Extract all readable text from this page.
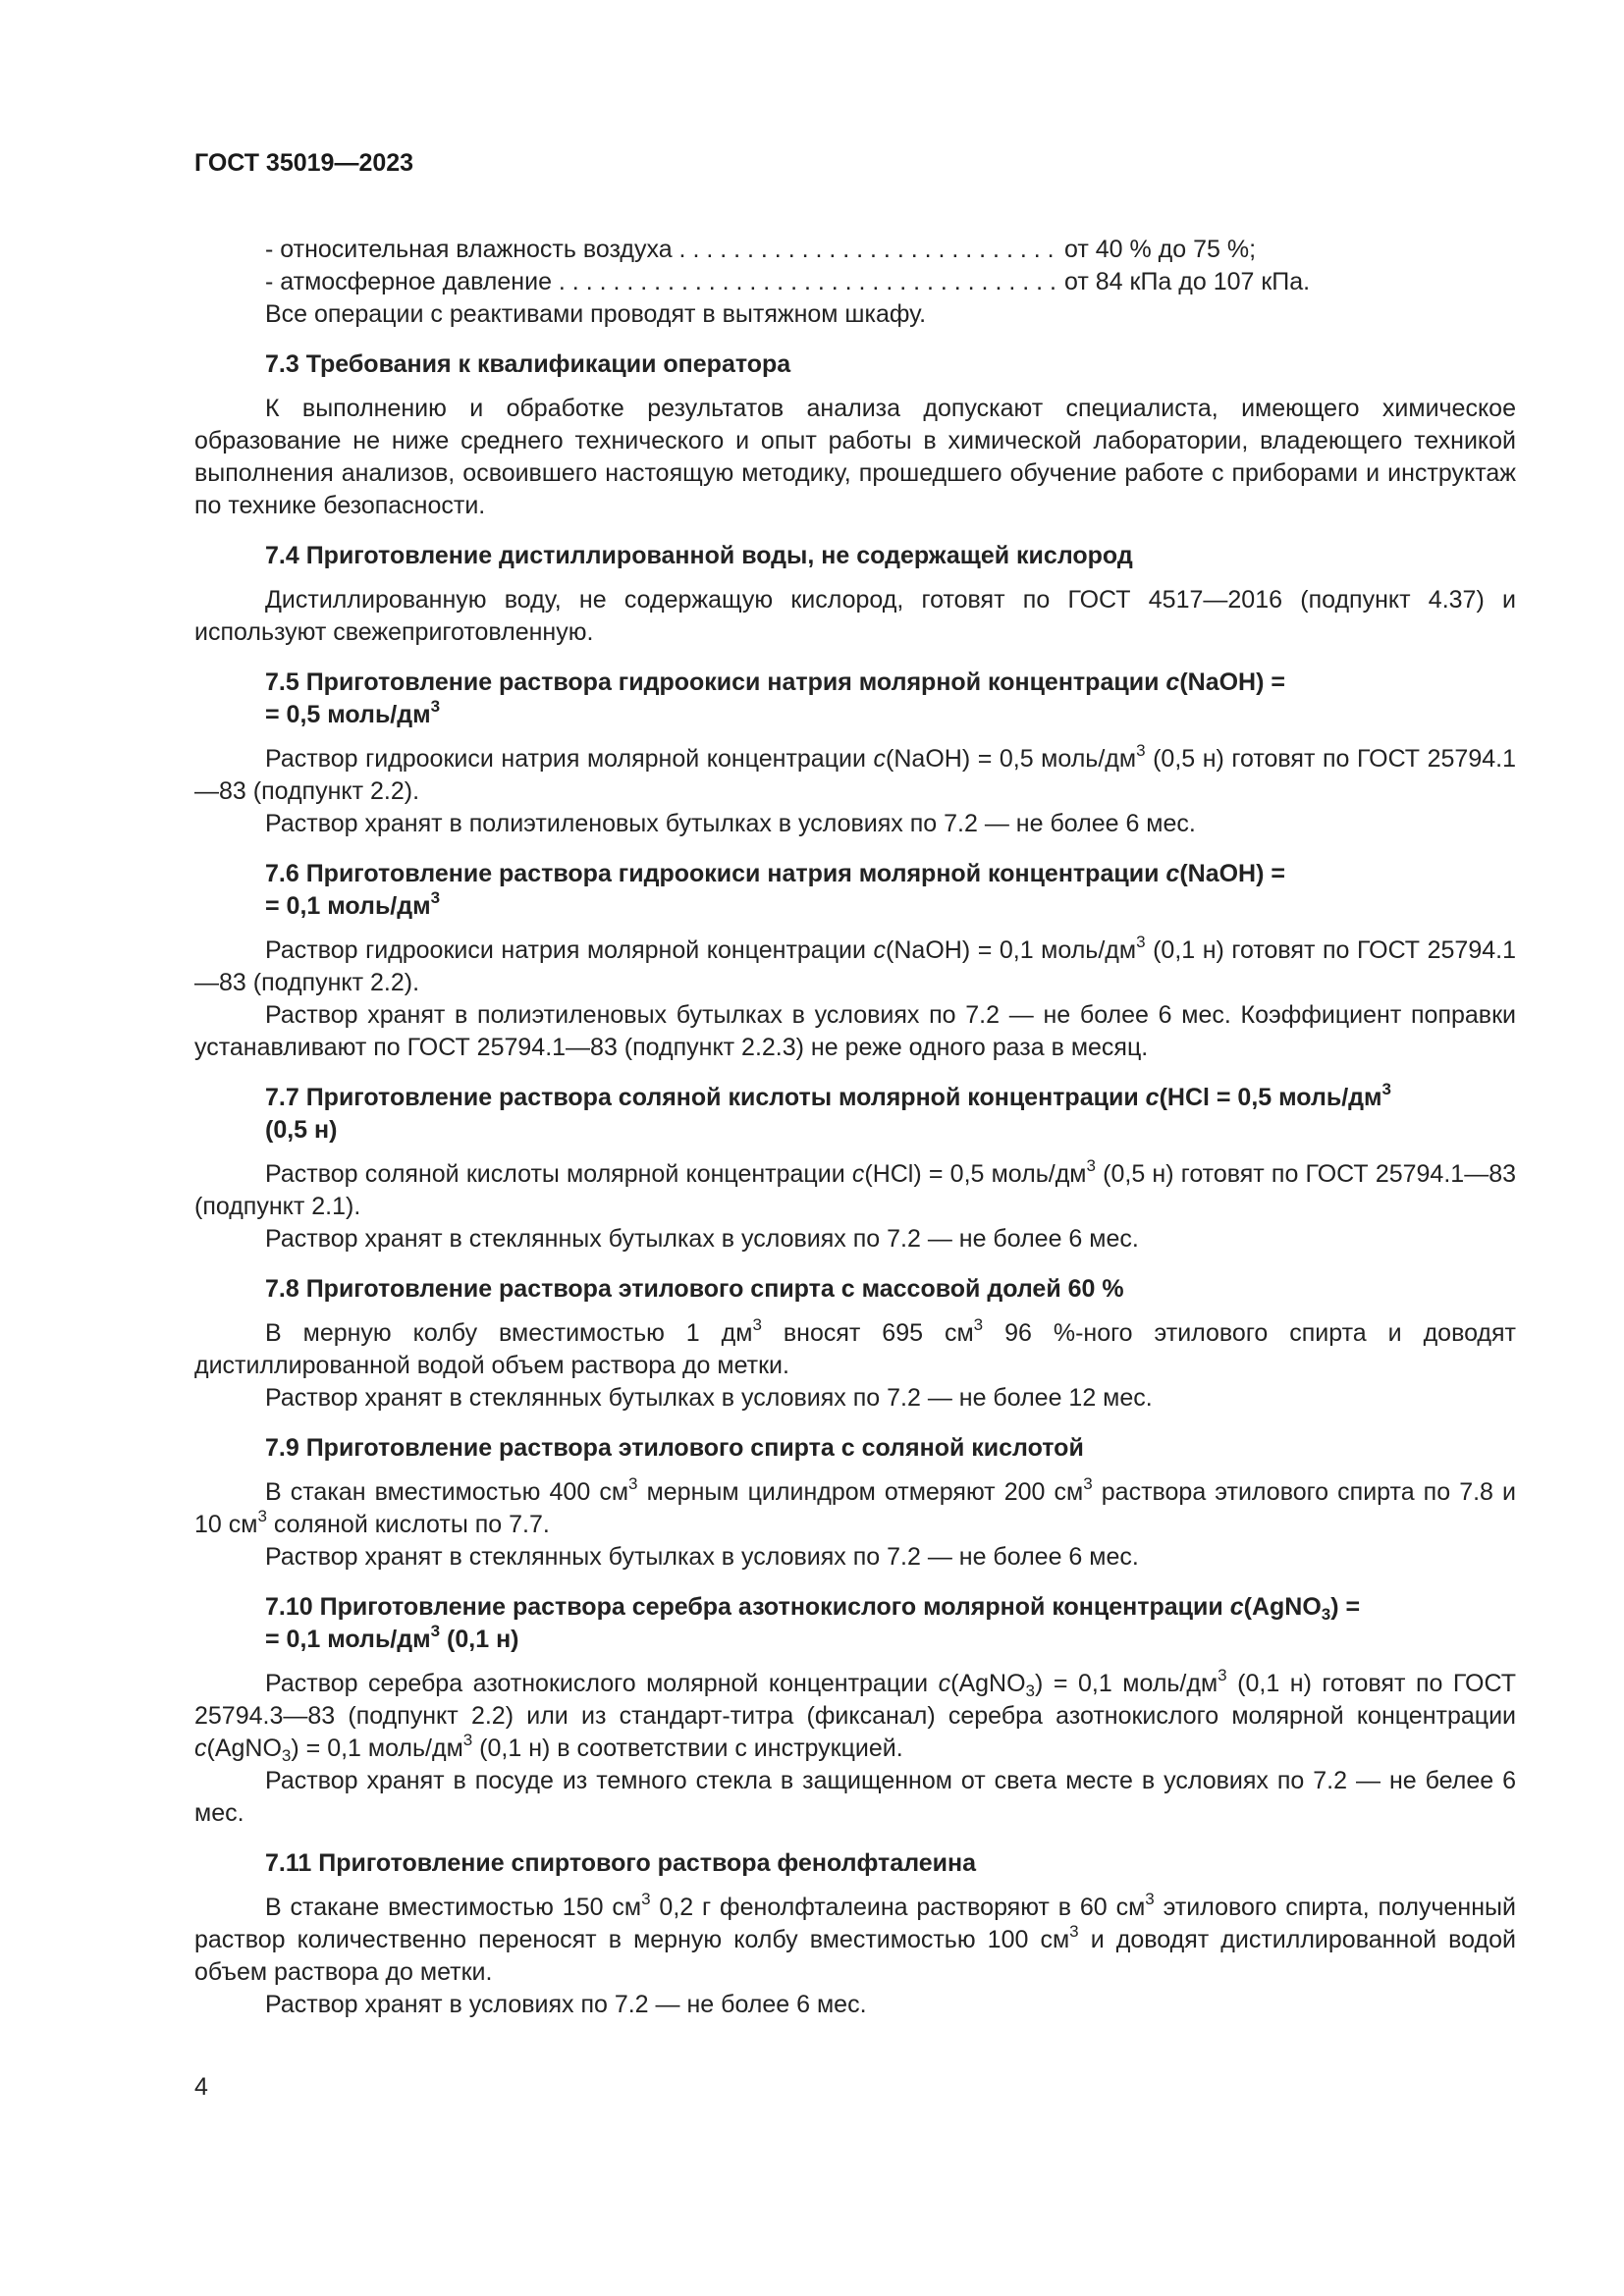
ГОСТ 35019—2023
- относительная влажность воздуха . . .	от 40 % до 75 %;
- атмосферное давление . . .	от 84 кПа до 107 кПа.

Все операции с реактивами проводят в вытяжном шкафу.

7.3 Требования к квалификации оператора

К выполнению и обработке результатов анализа допускают специалиста, имеющего химическое образование не ниже среднего технического и опыт работы в химической лаборатории, владеющего техникой выполнения анализов, освоившего настоящую методику, прошедшего обучение работе с приборами и инструктаж по технике безопасности.

7.4 Приготовление дистиллированной воды, не содержащей кислород

Дистиллированную воду, не содержащую кислород, готовят по ГОСТ 4517—2016 (подпункт 4.37) и используют свежеприготовленную.

7.5 Приготовление раствора гидроокиси натрия молярной концентрации c(NaOH) =
= 0,5 моль/$дм^3$

Раствор гидроокиси натрия молярной концентрации c(NaOH) = 0,5 моль/$дм^3$ (0,5 н) готовят по ГОСТ 25794.1—83 (подпункт 2.2).

Раствор хранят в полиэтиленовых бутылках в условиях по 7.2 — не более 6 мес.

7.6 Приготовление раствора гидроокиси натрия молярной концентрации c(NaOH) =
= 0,1 моль/$дм^3$

Раствор гидроокиси натрия молярной концентрации c(NaOH) = 0,1 моль/$дм^3$ (0,1 н) готовят по ГОСТ 25794.1—83 (подпункт 2.2).

Раствор хранят в полиэтиленовых бутылках в условиях по 7.2 — не более 6 мес. Коэффициент поправки устанавливают по ГОСТ 25794.1—83 (подпункт 2.2.3) не реже одного раза в месяц.

7.7 Приготовление раствора соляной кислоты молярной концентрации c(HCl = 0,5 моль/$дм^3$
(0,5 н)

Раствор соляной кислоты молярной концентрации c(HCl) = 0,5 моль/$дм^3$ (0,5 н) готовят по ГОСТ 25794.1—83 (подпункт 2.1).

Раствор хранят в стеклянных бутылках в условиях по 7.2 — не более 6 мес.

7.8 Приготовление раствора этилового спирта с массовой долей 60 %

В мерную колбу вместимостью 1 $дм^3$ вносят 695 $см^3$ 96 %-ного этилового спирта и доводят дистиллированной водой объем раствора до метки.

Раствор хранят в стеклянных бутылках в условиях по 7.2 — не более 12 мес.

7.9 Приготовление раствора этилового спирта с соляной кислотой

В стакан вместимостью 400 $см^3$ мерным цилиндром отмеряют 200 $см^3$ раствора этилового спирта по 7.8 и 10 $см^3$ соляной кислоты по 7.7.

Раствор хранят в стеклянных бутылках в условиях по 7.2 — не более 6 мес.

7.10 Приготовление раствора серебра азотнокислого молярной концентрации c(AgNO$_3$) =
= 0,1 моль/$дм^3$ (0,1 н)

Раствор серебра азотнокислого молярной концентрации c(AgNO$_3$) = 0,1 моль/$дм^3$ (0,1 н) готовят по ГОСТ 25794.3—83 (подпункт 2.2) или из стандарт-титра (фиксанал) серебра азотнокислого молярной концентрации c(AgNO$_3$) = 0,1 моль/$дм^3$ (0,1 н) в соответствии с инструкцией.

Раствор хранят в посуде из темного стекла в защищенном от света месте в условиях по 7.2 — не белее 6 мес.

7.11 Приготовление спиртового раствора фенолфталеина

В стакане вместимостью 150 $см^3$ 0,2 г фенолфталеина растворяют в 60 $см^3$ этилового спирта, полученный раствор количественно переносят в мерную колбу вместимостью 100 $см^3$ и доводят дистиллированной водой объем раствора до метки.

Раствор хранят в условиях по 7.2 — не более 6 мес.

4
